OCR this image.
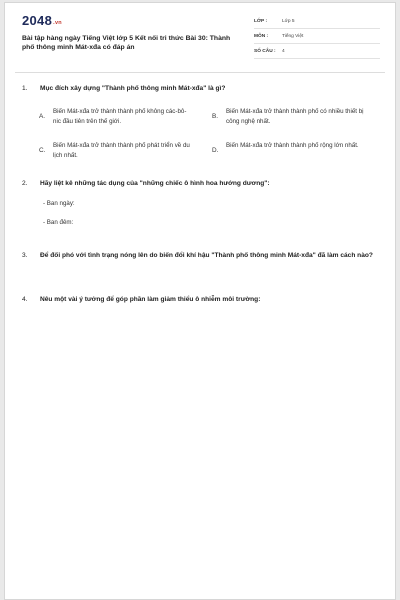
2048.vn
Bài tập hàng ngày Tiếng Việt lớp 5 Kết nối tri thức Bài 30: Thành phố thông minh Mát-xđa có đáp án
LỚP :	Lớp 5
MÔN :	Tiếng Việt
SỐ CÂU :	4
1. Mục đích xây dựng "Thành phố thông minh Mát-xđa" là gì?
A.
Biến Mát-xđa trở thành thành phố không các-bô-nic đầu tiên trên thế giới.
B.
Biến Mát-xđa trở thành thành phố có nhiều thiết bị công nghệ nhất.
C.
Biến Mát-xđa trở thành thành phố phát triển về du lịch nhất.
D.
Biến Mát-xđa trở thành thành phố rộng lớn nhất.
2. Hãy liệt kê những tác dụng của "những chiếc ô hình hoa hướng dương":
- Ban ngày:
- Ban đêm:
3. Để đối phó với tình trạng nóng lên do biến đổi khí hậu "Thành phố thông minh Mát-xđa" đã làm cách nào?
4. Nêu một vài ý tưởng để góp phần làm giảm thiểu ô nhiễm môi trường:
